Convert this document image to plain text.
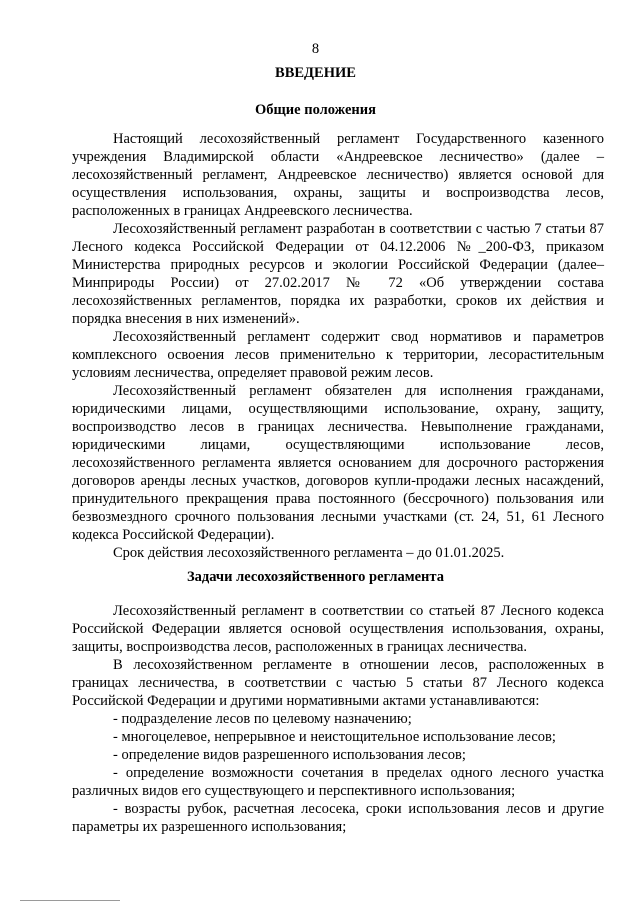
8
ВВЕДЕНИЕ
Общие положения

Настоящий лесохозяйственный регламент Государственного казенного учреждения Владимирской области «Андреевское лесничество» (далее – лесохозяйственный регламент, Андреевское лесничество) является основой для осуществления использования, охраны, защиты и воспроизводства лесов, расположенных в границах Андреевского лесничества.

Лесохозяйственный регламент разработан в соответствии с частью 7 статьи 87 Лесного кодекса Российской Федерации от 04.12.2006 №_200-ФЗ, приказом Министерства природных ресурсов и экологии Российской Федерации (далее–Минприроды России) от 27.02.2017 № 72 «Об утверждении состава лесохозяйственных регламентов, порядка их разработки, сроков их действия и порядка внесения в них изменений».

Лесохозяйственный регламент содержит свод нормативов и параметров комплексного освоения лесов применительно к территории, лесорастительным условиям лесничества, определяет правовой режим лесов.

Лесохозяйственный регламент обязателен для исполнения гражданами, юридическими лицами, осуществляющими использование, охрану, защиту, воспроизводство лесов в границах лесничества. Невыполнение гражданами, юридическими лицами, осуществляющими использование лесов, лесохозяйственного регламента является основанием для досрочного расторжения договоров аренды лесных участков, договоров купли-продажи лесных насаждений, принудительного прекращения права постоянного (бессрочного) пользования или безвозмездного срочного пользования лесными участками (ст. 24, 51, 61 Лесного кодекса Российской Федерации).

Срок действия лесохозяйственного регламента – до 01.01.2025.

Задачи лесохозяйственного регламента

Лесохозяйственный регламент в соответствии со статьей 87 Лесного кодекса Российской Федерации является основой осуществления использования, охраны, защиты, воспроизводства лесов, расположенных в границах лесничества.

В лесохозяйственном регламенте в отношении лесов, расположенных в границах лесничества, в соответствии с частью 5 статьи 87 Лесного кодекса Российской Федерации и другими нормативными актами устанавливаются:

- подразделение лесов по целевому назначению;

- многоцелевое, непрерывное и неистощительное использование лесов;

- определение видов разрешенного использования лесов;

- определение возможности сочетания в пределах одного лесного участка различных видов его существующего и перспективного использования;

- возрасты рубок, расчетная лесосека, сроки использования лесов и другие параметры их разрешенного использования;
